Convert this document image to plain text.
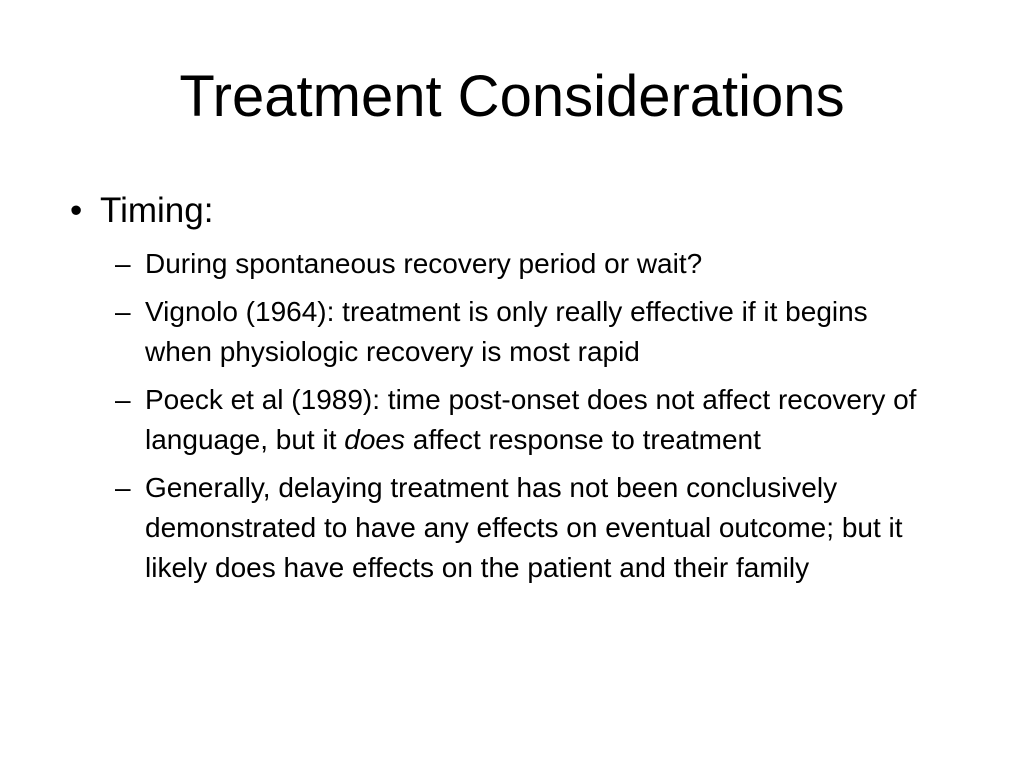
Treatment Considerations
• Timing:
– During spontaneous recovery period or wait?
– Vignolo (1964): treatment is only really effective if it begins when physiologic recovery is most rapid
– Poeck et al (1989): time post-onset does not affect recovery of language, but it does affect response to treatment
– Generally, delaying treatment has not been conclusively demonstrated to have any effects on eventual outcome; but it likely does have effects on the patient and their family
